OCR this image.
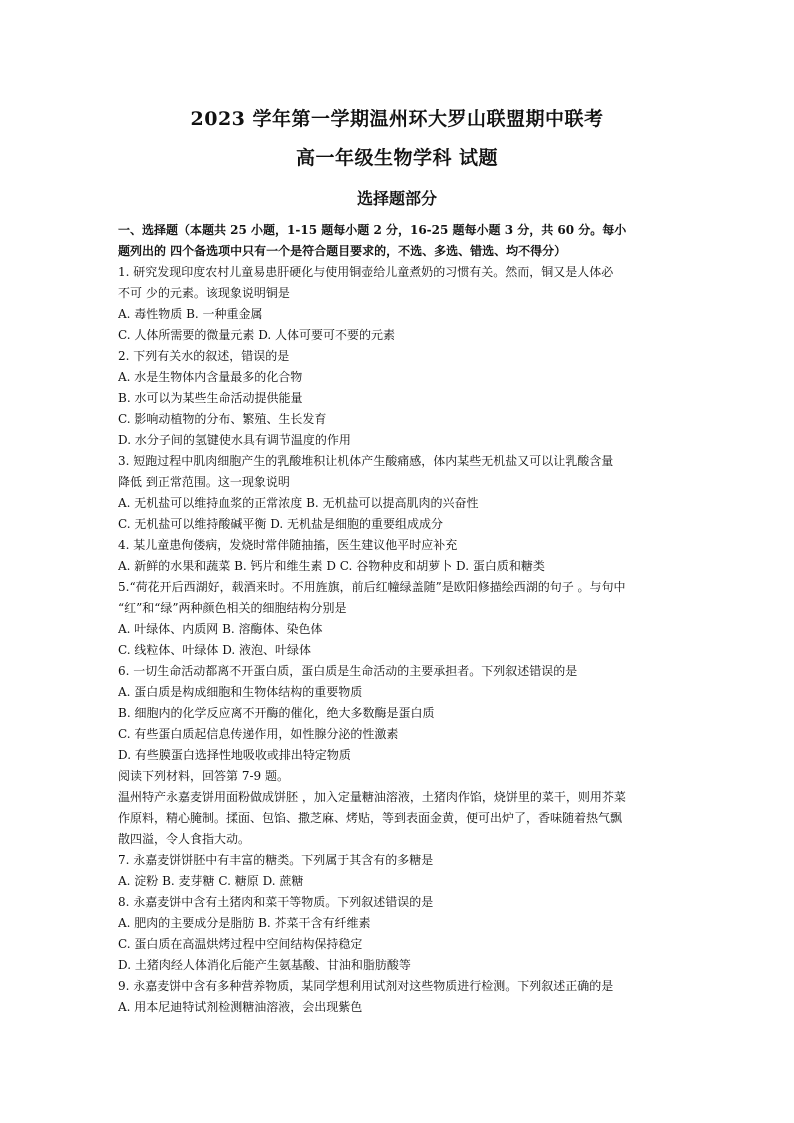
2023 学年第一学期温州环大罗山联盟期中联考
高一年级生物学科 试题
选择题部分
一、选择题（本题共 25 小题，1-15 题每小题 2 分，16-25 题每小题 3 分，共 60 分。每小
题列出的 四个备选项中只有一个是符合题目要求的，不选、多选、错选、均不得分）
1. 研究发现印度农村儿童易患肝硬化与使用铜壶给儿童煮奶的习惯有关。然而，铜又是人体必
不可 少的元素。该现象说明铜是
A. 毒性物质 B. 一种重金属
C. 人体所需要的微量元素 D. 人体可要可不要的元素
2. 下列有关水的叙述，错误的是
A. 水是生物体内含量最多的化合物
B. 水可以为某些生命活动提供能量
C. 影响动植物的分布、繁殖、生长发育
D. 水分子间的氢键使水具有调节温度的作用
3. 短跑过程中肌肉细胞产生的乳酸堆积让机体产生酸痛感，体内某些无机盐又可以让乳酸含量
降低 到正常范围。这一现象说明
A. 无机盐可以维持血浆的正常浓度 B. 无机盐可以提高肌肉的兴奋性
C. 无机盐可以维持酸碱平衡 D. 无机盐是细胞的重要组成成分
4. 某儿童患佝偻病，发烧时常伴随抽搐，医生建议他平时应补充
A. 新鲜的水果和蔬菜 B. 钙片和维生素 D C. 谷物种皮和胡萝卜 D. 蛋白质和糖类
5.“荷花开后西湖好，载酒来时。不用旌旗，前后红幢绿盖随”是欧阳修描绘西湖的句子 。与句中
“红”和“绿”两种颜色相关的细胞结构分别是
A. 叶绿体、内质网 B. 溶酶体、染色体
C. 线粒体、叶绿体 D. 液泡、叶绿体
6. 一切生命活动都离不开蛋白质，蛋白质是生命活动的主要承担者。下列叙述错误的是
A. 蛋白质是构成细胞和生物体结构的重要物质
B. 细胞内的化学反应离不开酶的催化，绝大多数酶是蛋白质
C. 有些蛋白质起信息传递作用，如性腺分泌的性激素
D. 有些膜蛋白选择性地吸收或排出特定物质
阅读下列材料，回答第 7-9 题。
温州特产永嘉麦饼用面粉做成饼胚 ，加入定量糖油溶液，土猪肉作馅，烧饼里的菜干，则用芥菜
作原料，精心腌制。揉面、包馅、撒芝麻、烤贴，等到表面金黄，便可出炉了，香味随着热气飘
散四溢，令人食指大动。
7. 永嘉麦饼饼胚中有丰富的糖类。下列属于其含有的多糖是
A. 淀粉 B. 麦芽糖 C. 糖原 D. 蔗糖
8. 永嘉麦饼中含有土猪肉和菜干等物质。下列叙述错误的是
A. 肥肉的主要成分是脂肪 B. 芥菜干含有纤维素
C. 蛋白质在高温烘烤过程中空间结构保持稳定
D. 土猪肉经人体消化后能产生氨基酸、甘油和脂肪酸等
9. 永嘉麦饼中含有多种营养物质，某同学想利用试剂对这些物质进行检测。下列叙述正确的是
A. 用本尼迪特试剂检测糖油溶液，会出现紫色
